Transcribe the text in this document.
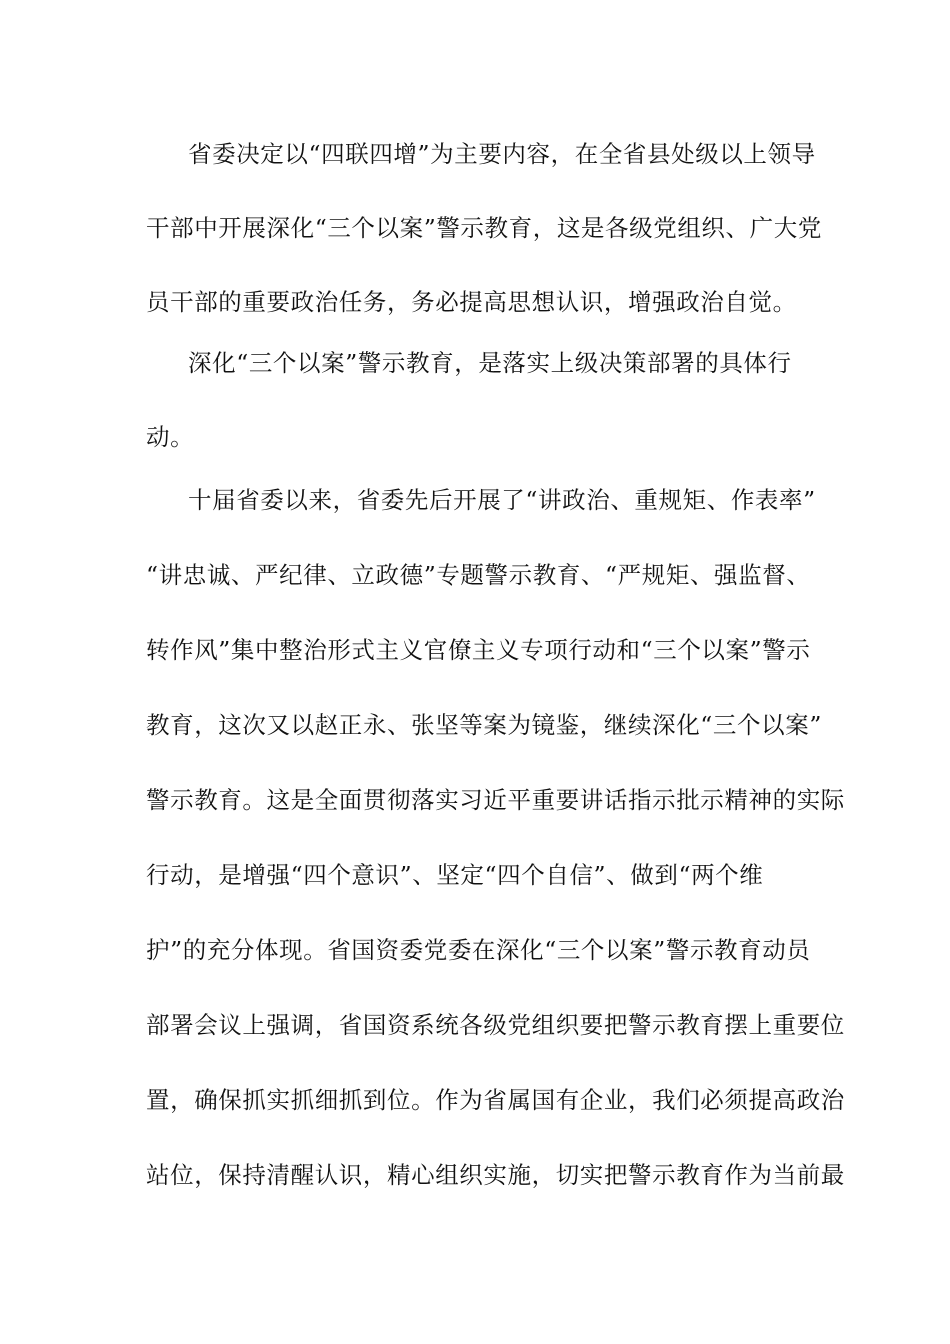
省委决定以“四联四增”为主要内容，在全省县处级以上领导
干部中开展深化“三个以案”警示教育，这是各级党组织、广大党
员干部的重要政治任务，务必提高思想认识，增强政治自觉。
深化“三个以案”警示教育，是落实上级决策部署的具体行
动。
十届省委以来，省委先后开展了“讲政治、重规矩、作表率”
“讲忠诚、严纪律、立政德”专题警示教育、“严规矩、强监督、
转作风”集中整治形式主义官僚主义专项行动和“三个以案”警示
教育，这次又以赵正永、张坚等案为镜鉴，继续深化“三个以案”
警示教育。这是全面贯彻落实习近平重要讲话指示批示精神的实际
行动，是增强“四个意识”、坚定“四个自信”、做到“两个维
护”的充分体现。省国资委党委在深化“三个以案”警示教育动员
部署会议上强调，省国资系统各级党组织要把警示教育摆上重要位
置，确保抓实抓细抓到位。作为省属国有企业，我们必须提高政治
站位，保持清醒认识，精心组织实施，切实把警示教育作为当前最
